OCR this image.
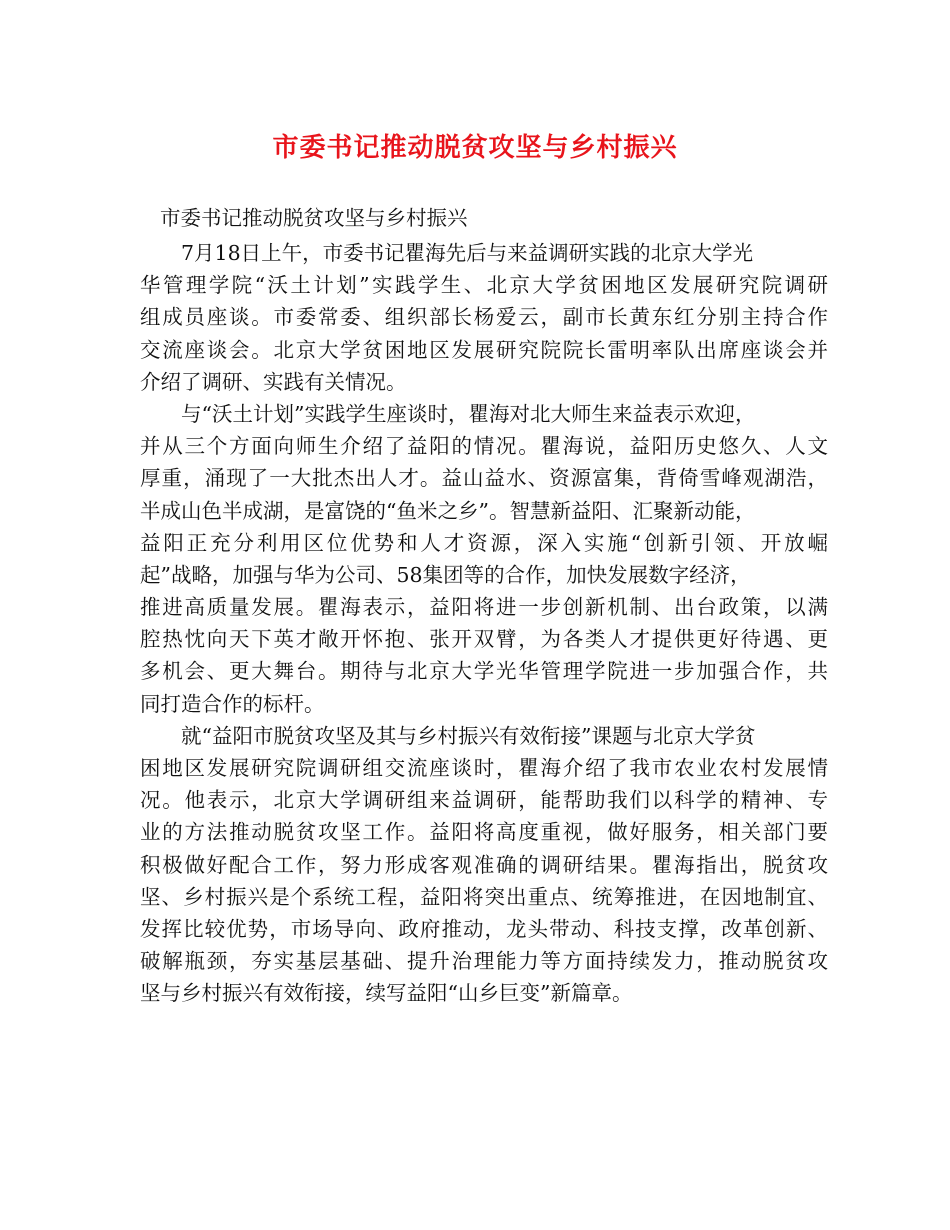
市委书记推动脱贫攻坚与乡村振兴
市委书记推动脱贫攻坚与乡村振兴
7月18日上午，市委书记瞿海先后与来益调研实践的北京大学光
华管理学院“沃土计划”实践学生、北京大学贫困地区发展研究院调研
组成员座谈。市委常委、组织部长杨爱云，副市长黄东红分别主持合作
交流座谈会。北京大学贫困地区发展研究院院长雷明率队出席座谈会并
介绍了调研、实践有关情况。
与“沃土计划”实践学生座谈时，瞿海对北大师生来益表示欢迎，
并从三个方面向师生介绍了益阳的情况。瞿海说，益阳历史悠久、人文
厚重，涌现了一大批杰出人才。益山益水、资源富集，背倚雪峰观湖浩，
半成山色半成湖，是富饶的“鱼米之乡”。智慧新益阳、汇聚新动能，
益阳正充分利用区位优势和人才资源，深入实施“创新引领、开放崛
起”战略，加强与华为公司、58集团等的合作，加快发展数字经济，
推进高质量发展。瞿海表示，益阳将进一步创新机制、出台政策，以满
腔热忱向天下英才敞开怀抱、张开双臂，为各类人才提供更好待遇、更
多机会、更大舞台。期待与北京大学光华管理学院进一步加强合作，共
同打造合作的标杆。
就“益阳市脱贫攻坚及其与乡村振兴有效衔接”课题与北京大学贫
困地区发展研究院调研组交流座谈时，瞿海介绍了我市农业农村发展情
况。他表示，北京大学调研组来益调研，能帮助我们以科学的精神、专
业的方法推动脱贫攻坚工作。益阳将高度重视，做好服务，相关部门要
积极做好配合工作，努力形成客观准确的调研结果。瞿海指出，脱贫攻
坚、乡村振兴是个系统工程，益阳将突出重点、统筹推进，在因地制宜、
发挥比较优势，市场导向、政府推动，龙头带动、科技支撑，改革创新、
破解瓶颈，夯实基层基础、提升治理能力等方面持续发力，推动脱贫攻
坚与乡村振兴有效衔接，续写益阳“山乡巨变”新篇章。
